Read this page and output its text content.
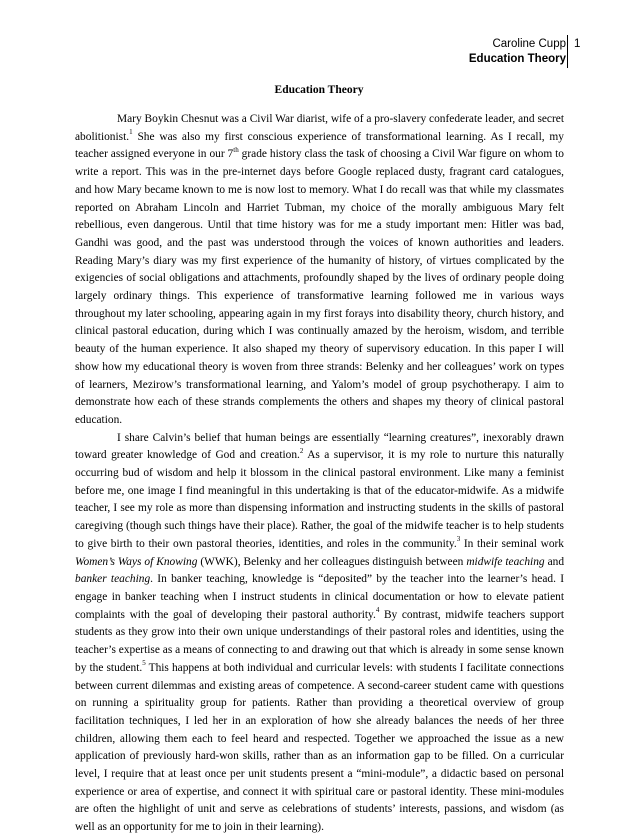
Caroline Cupp
Education Theory
1
Education Theory

Mary Boykin Chesnut was a Civil War diarist, wife of a pro-slavery confederate leader, and secret abolitionist.$^1$ She was also my first conscious experience of transformational learning. As I recall, my teacher assigned everyone in our 7th grade history class the task of choosing a Civil War figure on whom to write a report. This was in the pre-internet days before Google replaced dusty, fragrant card catalogues, and how Mary became known to me is now lost to memory. What I do recall was that while my classmates reported on Abraham Lincoln and Harriet Tubman, my choice of the morally ambiguous Mary felt rebellious, even dangerous. Until that time history was for me a study important men: Hitler was bad, Gandhi was good, and the past was understood through the voices of known authorities and leaders. Reading Mary’s diary was my first experience of the humanity of history, of virtues complicated by the exigencies of social obligations and attachments, profoundly shaped by the lives of ordinary people doing largely ordinary things. This experience of transformative learning followed me in various ways throughout my later schooling, appearing again in my first forays into disability theory, church history, and clinical pastoral education, during which I was continually amazed by the heroism, wisdom, and terrible beauty of the human experience. It also shaped my theory of supervisory education. In this paper I will show how my educational theory is woven from three strands: Belenky and her colleagues’ work on types of learners, Mezirow’s transformational learning, and Yalom’s model of group psychotherapy. I aim to demonstrate how each of these strands complements the others and shapes my theory of clinical pastoral education.

I share Calvin’s belief that human beings are essentially “learning creatures”, inexorably drawn toward greater knowledge of God and creation.$^2$ As a supervisor, it is my role to nurture this naturally occurring bud of wisdom and help it blossom in the clinical pastoral environment. Like many a feminist before me, one image I find meaningful in this undertaking is that of the educator-midwife. As a midwife teacher, I see my role as more than dispensing information and instructing students in the skills of pastoral caregiving (though such things have their place). Rather, the goal of the midwife teacher is to help students to give birth to their own pastoral theories, identities, and roles in the community.$^3$ In their seminal work Women’s Ways of Knowing (WWK), Belenky and her colleagues distinguish between midwife teaching and banker teaching. In banker teaching, knowledge is “deposited” by the teacher into the learner’s head. I engage in banker teaching when I instruct students in clinical documentation or how to elevate patient complaints with the goal of developing their pastoral authority.$^4$ By contrast, midwife teachers support students as they grow into their own unique understandings of their pastoral roles and identities, using the teacher’s expertise as a means of connecting to and drawing out that which is already in some sense known by the student.$^5$ This happens at both individual and curricular levels: with students I facilitate connections between current dilemmas and existing areas of competence. A second-career student came with questions on running a spirituality group for patients. Rather than providing a theoretical overview of group facilitation techniques, I led her in an exploration of how she already balances the needs of her three children, allowing them each to feel heard and respected. Together we approached the issue as a new application of previously hard-won skills, rather than as an information gap to be filled. On a curricular level, I require that at least once per unit students present a “mini-module”, a didactic based on personal experience or area of expertise, and connect it with spiritual care or pastoral identity. These mini-modules are often the highlight of unit and serve as celebrations of students’ interests, passions, and wisdom (as well as an opportunity for me to join in their learning).
